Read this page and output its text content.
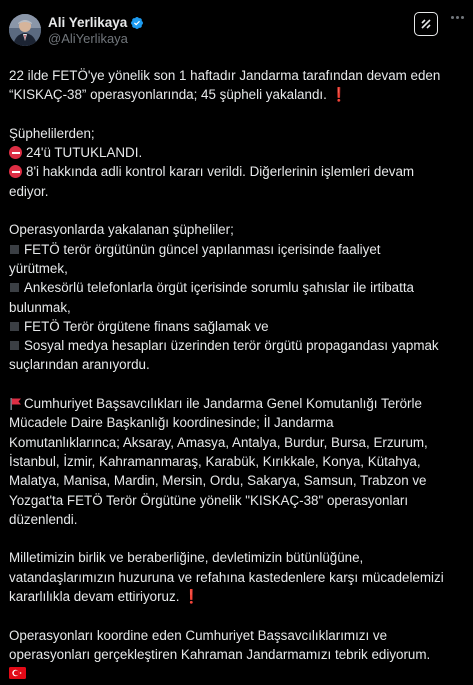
Ali Yerlikaya
@AliYerlikaya
22 ilde FETÖ'ye yönelik son 1 haftadır Jandarma tarafından devam eden
“KISKAÇ-38” operasyonlarında; 45 şüpheli yakalandı. ❗
Şüphelilerden;
24'ü TUTUKLANDI.
8'i hakkında adli kontrol kararı verildi. Diğerlerinin işlemleri devam
ediyor.
Operasyonlarda yakalanan şüpheliler;
FETÖ terör örgütünün güncel yapılanması içerisinde faaliyet
yürütmek,
Ankesörlü telefonlarla örgüt içerisinde sorumlu şahıslar ile irtibatta
bulunmak,
FETÖ Terör örgütene finans sağlamak ve
Sosyal medya hesapları üzerinden terör örgütü propagandası yapmak
suçlarından aranıyordu.
Cumhuriyet Başsavcılıkları ile Jandarma Genel Komutanlığı Terörle
Mücadele Daire Başkanlığı koordinesinde; İl Jandarma
Komutanlıklarınca; Aksaray, Amasya, Antalya, Burdur, Bursa, Erzurum,
İstanbul, İzmir, Kahramanmaraş, Karabük, Kırıkkale, Konya, Kütahya,
Malatya, Manisa, Mardin, Mersin, Ordu, Sakarya, Samsun, Trabzon ve
Yozgat'ta FETÖ Terör Örgütüne yönelik "KISKAÇ-38" operasyonları
düzenlendi.
Milletimizin birlik ve beraberliğine, devletimizin bütünlüğüne,
vatandaşlarımızın huzuruna ve refahına kastedenlere karşı mücadelemizi
kararlılıkla devam ettiriyoruz. ❗
Operasyonları koordine eden Cumhuriyet Başsavcılıklarımızı ve
operasyonları gerçekleştiren Kahraman Jandarmamızı tebrik ediyorum.
